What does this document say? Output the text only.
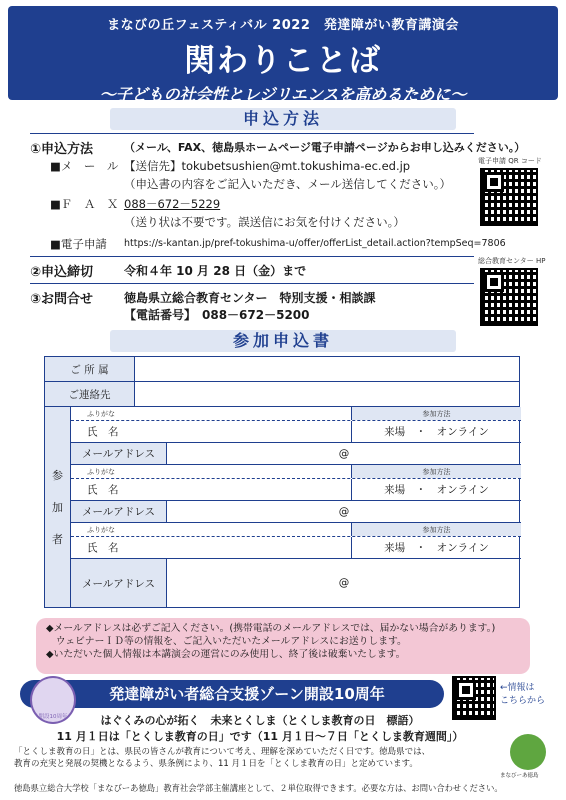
まなびの丘フェスティバル 2022　発達障がい教育講演会
関わりことば
〜子どもの社会性とレジリエンスを高めるために〜
申込方法
①申込方法	（メール、FAX、徳島県ホームページ電子申請ページからお申し込みください。）
■メ　ー　ル 【送信先】tokubetsushien@mt.tokushima-ec.ed.jp
（申込書の内容をご記入いただき、メール送信してください。）
■Ｆ　Ａ　Ｘ 088－672－5229
（送り状は不要です。誤送信にお気を付けください。）
■電子申請 https://s-kantan.jp/pref-tokushima-u/offer/offerList_detail.action?tempSeq=7806
電子申請 QR コード
②申込締切	令和４年 10 月 28 日（金）まで
総合教育センター HP
③お問合せ	徳島県立総合教育センター　特別支援・相談課
【電話番号】　088－672－5200
参加申込書
ご 所 属
ご連絡先
参
加
者
ふりがな	参加方法
氏　名	来場　・　オンライン
メールアドレス	@
ふりがな	参加方法
氏　名	来場　・　オンライン
メールアドレス	@
ふりがな	参加方法
氏　名	来場　・　オンライン
メールアドレス	@
◆メールアドレスは必ずご記入ください。(携帯電話のメールアドレスでは、届かない場合があります。)
　ウェビナーＩＤ等の情報を、ご記入いただいたメールアドレスにお送りします。
◆いただいた個人情報は本講演会の運営にのみ使用し、終了後は破棄いたします。
発達障がい者総合支援ゾーン開設10周年
開設10周年
←情報は
こちらから
はぐくみの心が拓く　未来とくしま（とくしま教育の日　標語）
11 月１日は「とくしま教育の日」です（11 月１日～７日「とくしま教育週間」）
「とくしま教育の日」とは、県民の皆さんが教育について考え、理解を深めていただく日です。徳島県では、
教育の充実と発展の契機となるよう、県条例により、11 月１日を「とくしま教育の日」と定めています。
まなびーあ徳島
徳島県立総合大学校「まなびーあ徳島」教育社会学部主催講座として、２単位取得できます。必要な方は、お問い合わせください。
